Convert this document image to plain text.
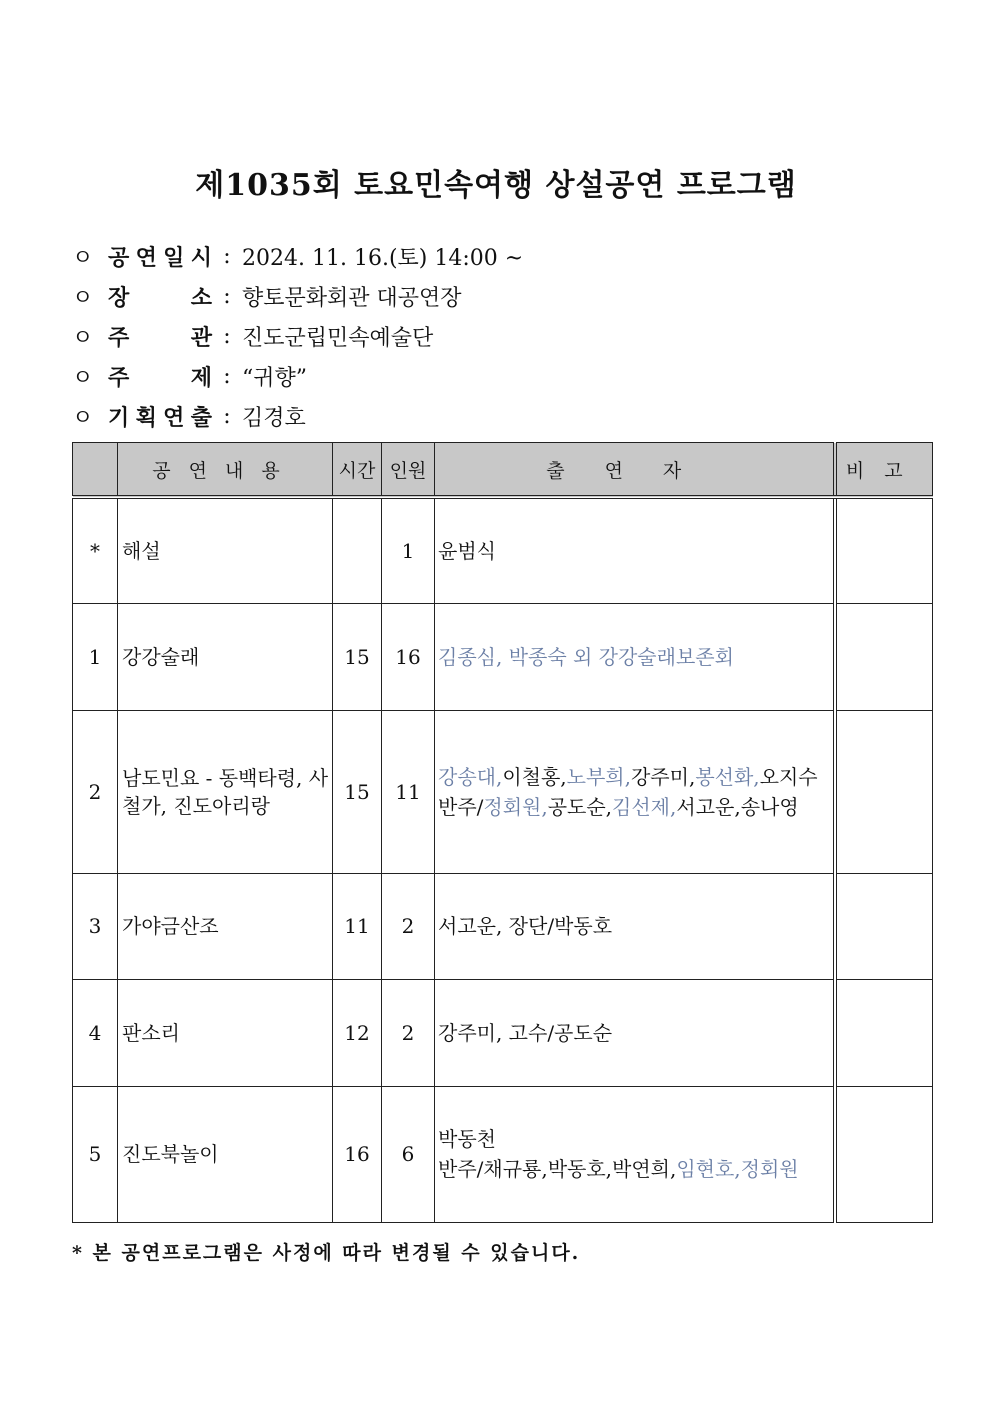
제1035회 토요민속여행 상설공연 프로그램
ㅇ 공 연 일 시 : 2024. 11. 16.(토) 14:00 ~
ㅇ 장	소 : 향토문화회관 대공연장
ㅇ 주	관 : 진도군립민속예술단
ㅇ 주	제 : “귀향”
ㅇ 기 획 연 출 : 김경호
	공연내용	시간	인원	출연자	비고
*	해설		1	윤범식	

1	강강술래	15	16	김종심, 박종숙 외 강강술래보존회	

2	남도민요 - 동백타령, 사철가, 진도아리랑	15	11	강송대,이철홍,노부희,강주미,봉선화,오지수
반주/정회원,공도순,김선제,서고운,송나영	

3	가야금산조	11	2	서고운, 장단/박동호	

4	판소리	12	2	강주미, 고수/공도순	

5	진도북놀이	16	6	박동천
반주/채규룡,박동호,박연희,임현호,정회원	

* 본 공연프로그램은 사정에 따라 변경될 수 있습니다.
